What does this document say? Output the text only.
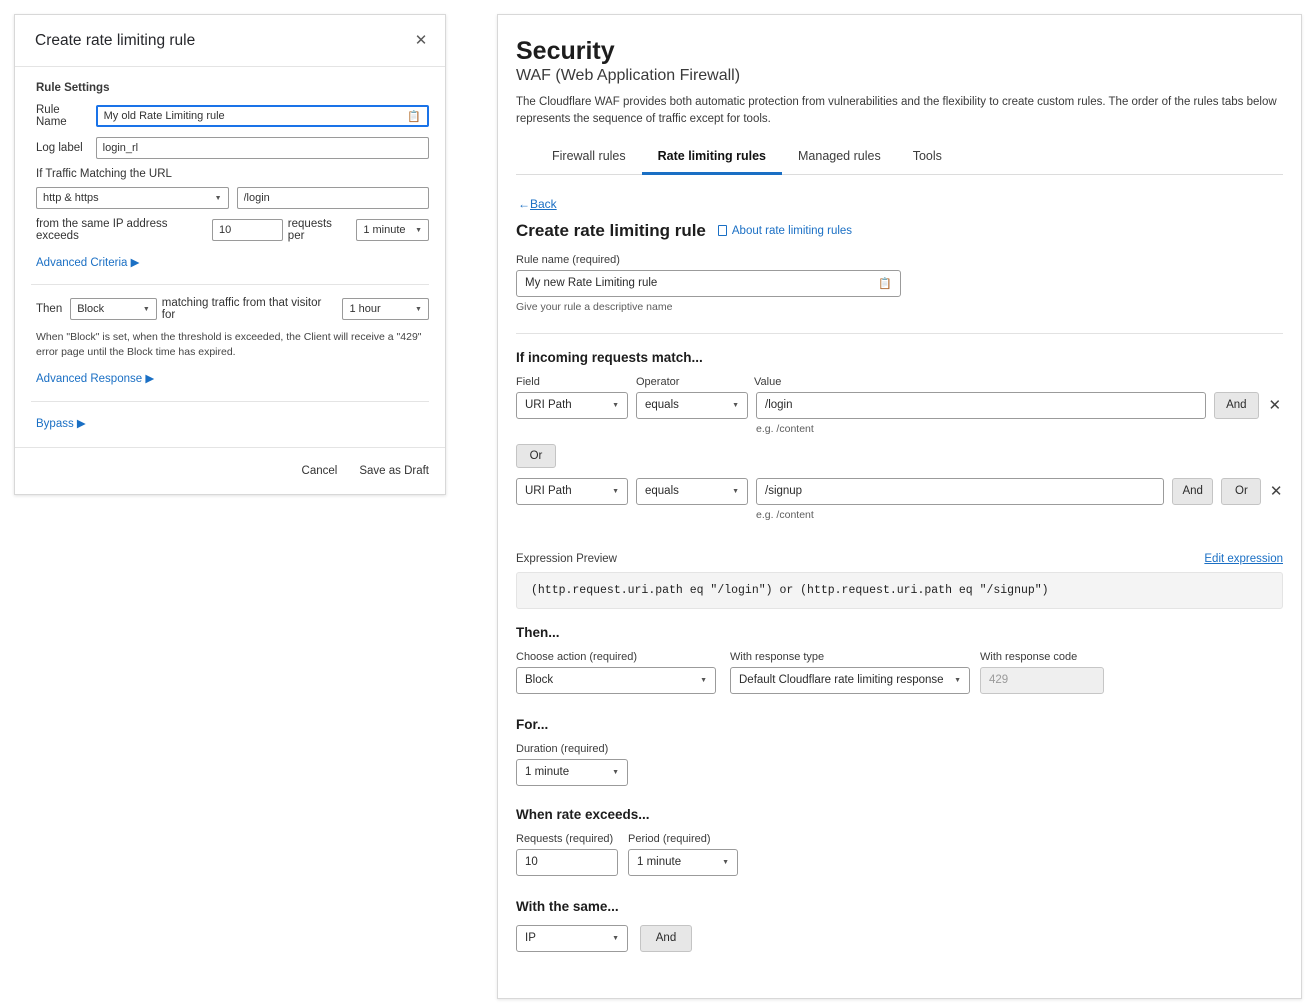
Create rate limiting rule	✕
Rule Settings
Rule Name	My old Rate Limiting rule	📋
Log label	login_rl
If Traffic Matching the URL
http & https	▼ /login
from the same IP address exceeds	10	requests per	1 minute ▼
Advanced Criteria ▶
Then Block	▼ matching traffic from that visitor for	1 hour	▼
When "Block" is set, when the threshold is exceeded, the Client will receive a "429" error page until the Block time has expired.
Advanced Response ▶
Bypass ▶
Cancel Save as Draft
Security
WAF (Web Application Firewall)
The Cloudflare WAF provides both automatic protection from vulnerabilities and the flexibility to create custom rules. The order of the rules tabs below represents the sequence of traffic except for tools.
Firewall rules	Rate limiting rules	Managed rules	Tools
←Back
Create rate limiting rule About rate limiting rules
Rule name (required)
My new Rate Limiting rule	📋
Give your rule a descriptive name
If incoming requests match...
Field	Operator	Value
URI Path	▼ equals	▼ /login
e.g. /content
And	✕
Or
URI Path	▼ equals	▼ /signup
e.g. /content
And	Or	✕
Expression Preview	Edit expression
(http.request.uri.path eq "/login") or (http.request.uri.path eq "/signup")
Then...
Choose action (required)
Block	▼
With response type
Default Cloudflare rate limiting response ▼
With response code
429
For...
Duration (required)
1 minute	▼
When rate exceeds...
Requests (required)
10
Period (required)
1 minute	▼
With the same...
IP	▼	And
